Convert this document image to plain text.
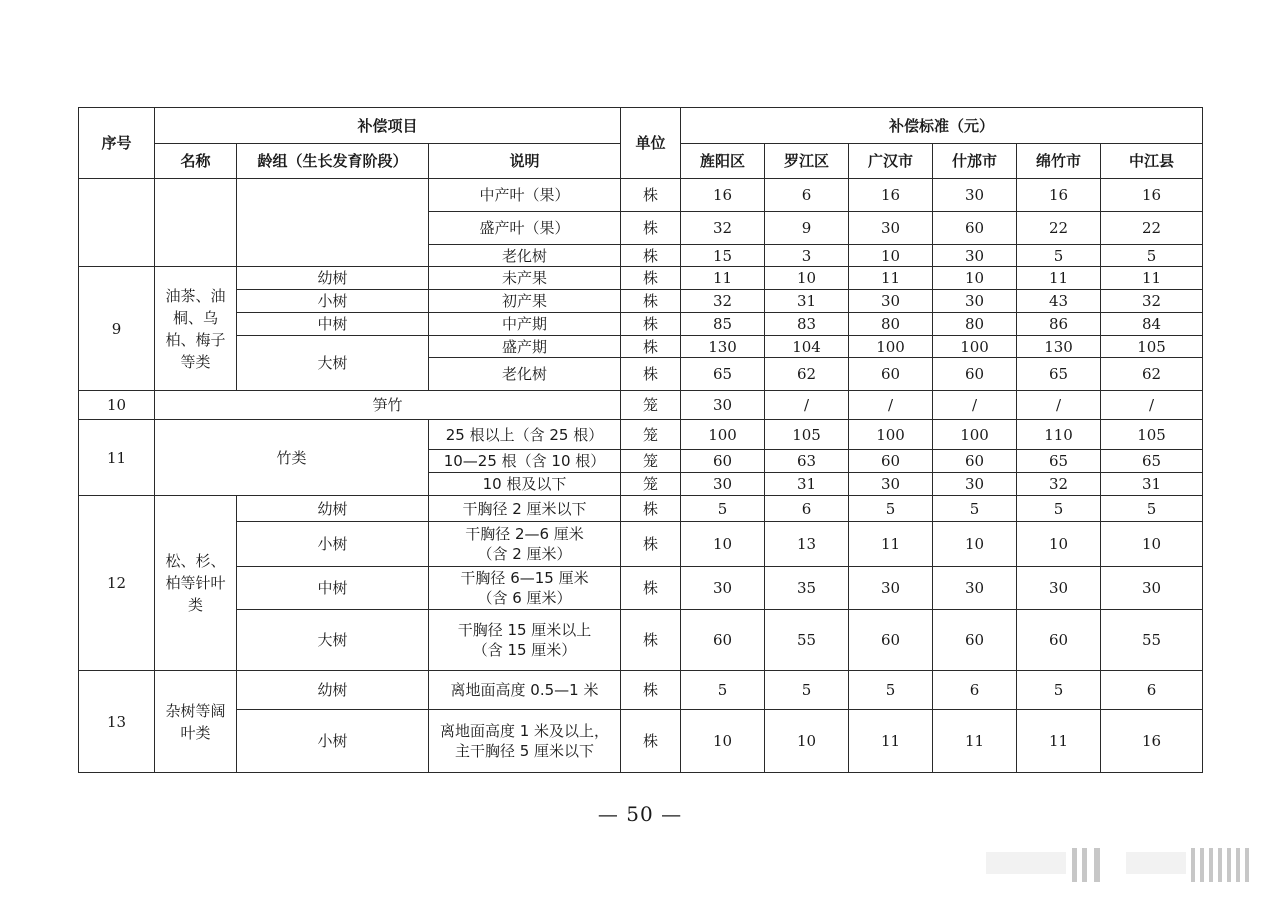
序号	补偿项目			单位	补偿标准（元）					
	名称	龄组（生长发育阶段）	说明		旌阳区	罗江区	广汉市	什邡市	绵竹市	中江县
			中产叶（果）	株	16	6	16	30	16	16
			盛产叶（果）	株	32	9	30	60	22	22
			老化树	株	15	3	10	30	5	5
9	油茶、油桐、乌柏、梅子等类	幼树	未产果	株	11	10	11	10	11	11
		小树	初产果	株	32	31	30	30	43	32
		中树	中产期	株	85	83	80	80	86	84
		大树	盛产期	株	130	104	100	100	130	105
			老化树	株	65	62	60	60	65	62
10	笋竹			笼	30	/	/	/	/	/
11	竹类		25 根以上（含 25 根）	笼	100	105	100	100	110	105
			10—25 根（含 10 根）	笼	60	63	60	60	65	65
			10 根及以下	笼	30	31	30	30	32	31
12	松、杉、柏等针叶类	幼树	干胸径 2 厘米以下	株	5	6	5	5	5	5
		小树	干胸径 2—6 厘米（含 2 厘米）	株	10	13	11	10	10	10
		中树	干胸径 6—15 厘米（含 6 厘米）	株	30	35	30	30	30	30
		大树	干胸径 15 厘米以上（含 15 厘米）	株	60	55	60	60	60	55
13	杂树等阔叶类	幼树	离地面高度 0.5—1 米	株	5	5	5	6	5	6
		小树	离地面高度 1 米及以上，主干胸径 5 厘米以下	株	10	10	11	11	11	16
— 50 —
